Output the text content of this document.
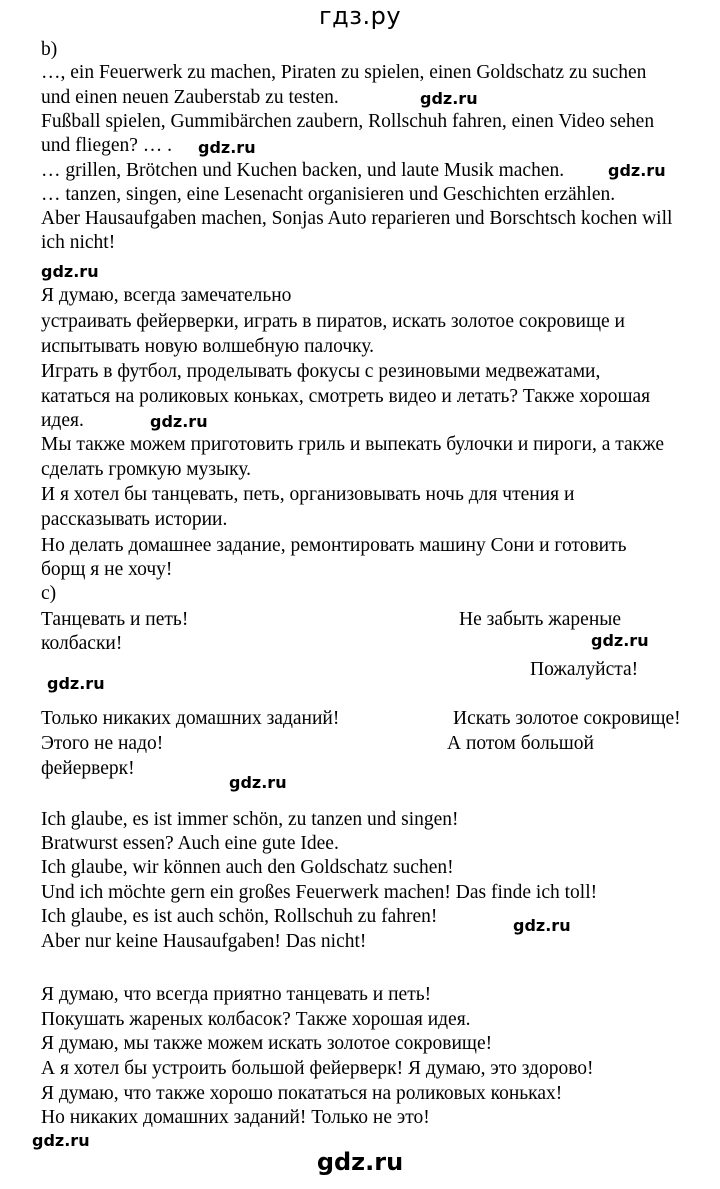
гдз.ру
b)
…, ein Feuerwerk zu machen, Piraten zu spielen, einen Goldschatz zu suchen
und einen neuen Zauberstab zu testen.	gdz.ru
Fußball spielen, Gummibärchen zaubern, Rollschuh fahren, einen Video sehen
und fliegen? … . gdz.ru
… grillen, Brötchen und Kuchen backen, und laute Musik machen.	gdz.ru
… tanzen, singen, eine Lesenacht organisieren und Geschichten erzählen.
Aber Hausaufgaben machen, Sonjas Auto reparieren und Borschtsch kochen will
ich nicht!
gdz.ru
Я думаю, всегда замечательно
устраивать фейерверки, играть в пиратов, искать золотое сокровище и
испытывать новую волшебную палочку.
Играть в футбол, проделывать фокусы с резиновыми медвежатами,
кататься на роликовых коньках, смотреть видео и летать? Также хорошая
идея.	gdz.ru
Мы также можем приготовить гриль и выпекать булочки и пироги, а также
сделать громкую музыку.
И я хотел бы танцевать, петь, организовывать ночь для чтения и
рассказывать истории.
Но делать домашнее задание, ремонтировать машину Сони и готовить
борщ я не хочу!
c)
Танцевать и петь!	Не забыть жареные
gdz.ru
колбаски!
Пожалуйста!
gdz.ru
Только никаких домашних заданий!	Искать золотое сокровище!
Этого не надо!	А потом большой
фейерверк!
gdz.ru
Ich glaube, es ist immer schön, zu tanzen und singen!
Bratwurst essen? Auch eine gute Idee.
Ich glaube, wir können auch den Goldschatz suchen!
Und ich möchte gern ein großes Feuerwerk machen! Das finde ich toll!
Ich glaube, es ist auch schön, Rollschuh zu fahren!	gdz.ru
Aber nur keine Hausaufgaben! Das nicht!
Я думаю, что всегда приятно танцевать и петь!
Покушать жареных колбасок? Также хорошая идея.
Я думаю, мы также можем искать золотое сокровище!
А я хотел бы устроить большой фейерверк! Я думаю, это здорово!
Я думаю, что также хорошо покататься на роликовых коньках!
Но никаких домашних заданий! Только не это!
gdz.ru
gdz.ru
